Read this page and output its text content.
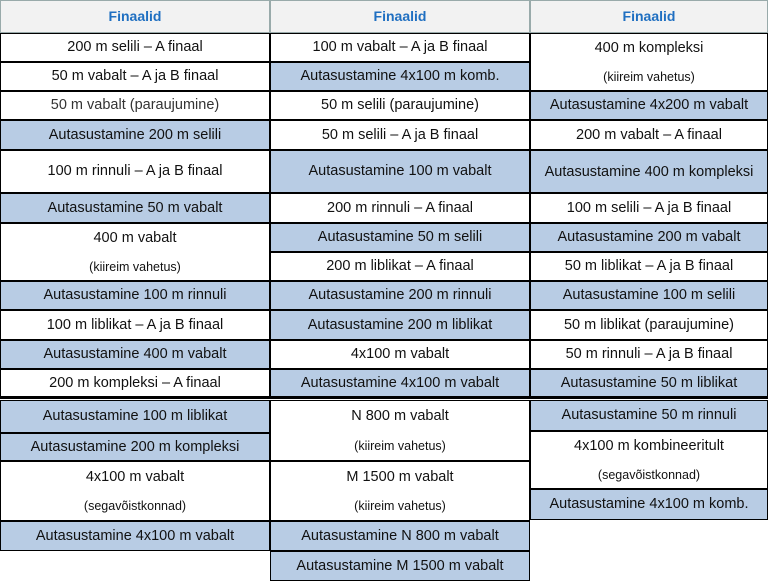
Finaalid
200 m selili – A finaal
50 m vabalt – A ja B finaal
50 m vabalt (paraujumine)
Autasustamine 200 m selili
100 m rinnuli – A ja B finaal
Autasustamine 50 m vabalt
400 m vabalt
(kiireim vahetus)
Autasustamine 100 m rinnuli
100 m liblikat – A ja B finaal
Autasustamine 400 m vabalt
200 m kompleksi – A finaal
Autasustamine 100 m liblikat
Autasustamine 200 m kompleksi
4x100 m vabalt
(segavõistkonnad)
Autasustamine 4x100 m vabalt
Finaalid
100 m vabalt – A ja B finaal
Autasustamine 4x100 m komb.
50 m selili (paraujumine)
50 m selili – A ja B finaal
Autasustamine 100 m vabalt
200 m rinnuli – A finaal
Autasustamine 50 m selili
200 m liblikat – A finaal
Autasustamine 200 m rinnuli
Autasustamine 200 m liblikat
4x100 m vabalt
Autasustamine 4x100 m vabalt
N 800 m vabalt
(kiireim vahetus)
M 1500 m vabalt
(kiireim vahetus)
Autasustamine N 800 m vabalt
Autasustamine M 1500 m vabalt
Finaalid
400 m kompleksi
(kiireim vahetus)
Autasustamine 4x200 m vabalt
200 m vabalt – A finaal
Autasustamine 400 m kompleksi
100 m selili – A ja B finaal
Autasustamine 200 m vabalt
50 m liblikat – A ja B finaal
Autasustamine 100 m selili
50 m liblikat (paraujumine)
50 m rinnuli – A ja B finaal
Autasustamine 50 m liblikat
Autasustamine 50 m rinnuli
4x100 m kombineeritult
(segavõistkonnad)
Autasustamine 4x100 m komb.
